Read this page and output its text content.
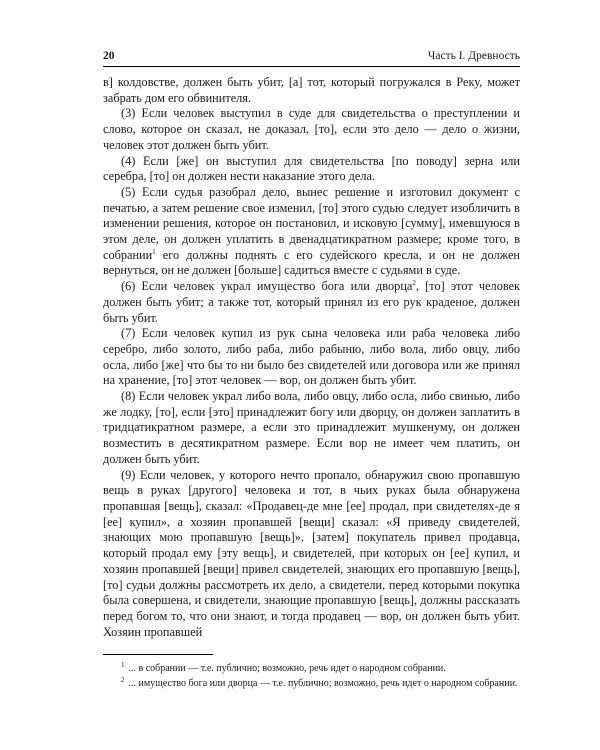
20	Часть I. Древность

в] колдовстве, должен быть убит, [а] тот, который погружался в Реку, может забрать дом его обвинителя.

(3) Если человек выступил в суде для свидетельства о преступлении и слово, которое он сказал, не доказал, [то], если это дело — дело о жизни, человек этот должен быть убит.

(4) Если [же] он выступил для свидетельства [по поводу] зерна или серебра, [то] он должен нести наказание этого дела.

(5) Если судья разобрал дело, вынес решение и изготовил документ с печатью, а затем решение свое изменил, [то] этого судью следует изобличить в изменении решения, которое он постановил, и исковую [сумму], имевшуюся в этом деле, он должен уплатить в двенадцатикратном размере; кроме того, в собрании$^1$ его должны поднять с его судейского кресла, и он не должен вернуться, он не должен [больше] садиться вместе с судьями в суде.

(6) Если человек украл имущество бога или дворца$^2$, [то] этот человек должен быть убит; а также тот, который принял из его рук краденое, должен быть убит.

(7) Если человек купил из рук сына человека или раба человека либо серебро, либо золото, либо раба, либо рабыню, либо вола, либо овцу, либо осла, либо [же] что бы то ни было без свидетелей или договора или же принял на хранение, [то] этот человек — вор, он должен быть убит.

(8) Если человек украл либо вола, либо овцу, либо осла, либо свинью, либо же лодку, [то], если [это] принадлежит богу или дворцу, он должен заплатить в тридцатикратном размере, а если это принадлежит мушкенуму, он должен возместить в десятикратном размере. Если вор не имеет чем платить, он должен быть убит.

(9) Если человек, у которого нечто пропало, обнаружил свою пропавшую вещь в руках [другого] человека и тот, в чьих руках была обнаружена пропавшая [вещь], сказал: «Продавец-де мне [ее] продал, при свидетелях-де я [ее] купил», а хозяин пропавшей [вещи] сказал: «Я приведу свидетелей, знающих мою пропавшую [вещь]», [затем] покупатель привел продавца, который продал ему [эту вещь], и свидетелей, при которых он [ее] купил, и хозяин пропавшей [вещи] привел свидетелей, знающих его пропавшую [вещь], [то] судьи должны рассмотреть их дело, а свидетели, перед которыми покупка была совершена, и свидетели, знающие пропавшую [вещь], должны рассказать перед богом то, что они знают, и тогда продавец — вор, он должен быть убит. Хозяин пропавшей

$^1$ ... в собрании — т.е. публично; возможно, речь идет о народном собрании.

$^2$ ... имущество бога или дворца — т.е. публично; возможно, речь идет о народном собрании.
